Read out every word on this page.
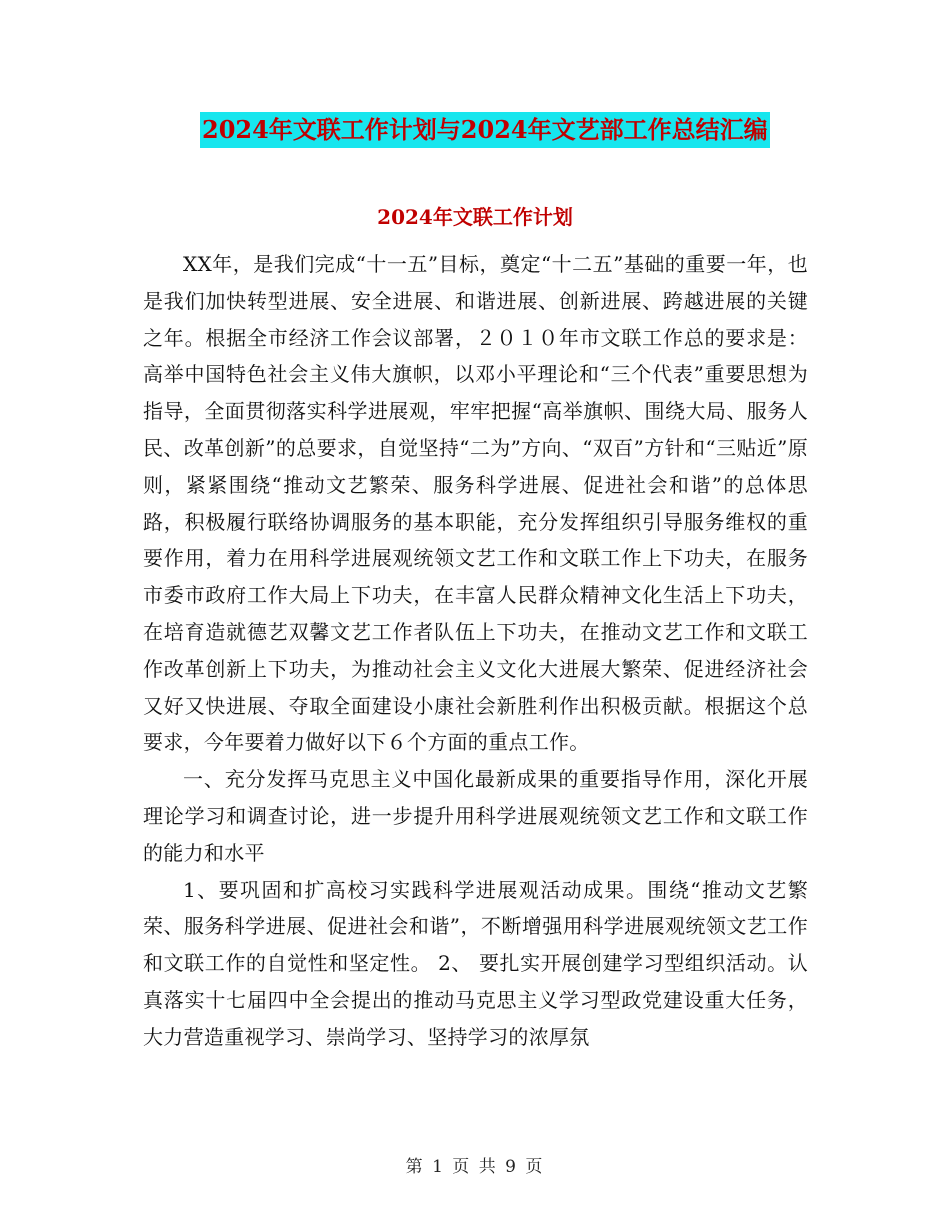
2024年文联工作计划与2024年文艺部工作总结汇编
2024年文联工作计划

XX年，是我们完成“十一五”目标，奠定“十二五”基础的重要一年，也是我们加快转型进展、安全进展、和谐进展、创新进展、跨越进展的关键之年。根据全市经济工作会议部署，２０１０年市文联工作总的要求是：高举中国特色社会主义伟大旗帜，以邓小平理论和“三个代表”重要思想为指导，全面贯彻落实科学进展观，牢牢把握“高举旗帜、围绕大局、服务人民、改革创新”的总要求，自觉坚持“二为”方向、“双百”方针和“三贴近”原则，紧紧围绕“推动文艺繁荣、服务科学进展、促进社会和谐”的总体思路，积极履行联络协调服务的基本职能，充分发挥组织引导服务维权的重要作用，着力在用科学进展观统领文艺工作和文联工作上下功夫，在服务市委市政府工作大局上下功夫，在丰富人民群众精神文化生活上下功夫，在培育造就德艺双馨文艺工作者队伍上下功夫，在推动文艺工作和文联工作改革创新上下功夫，为推动社会主义文化大进展大繁荣、促进经济社会又好又快进展、夺取全面建设小康社会新胜利作出积极贡献。根据这个总要求，今年要着力做好以下６个方面的重点工作。

一、充分发挥马克思主义中国化最新成果的重要指导作用，深化开展理论学习和调查讨论，进一步提升用科学进展观统领文艺工作和文联工作的能力和水平

1、要巩固和扩高校习实践科学进展观活动成果。围绕“推动文艺繁荣、服务科学进展、促进社会和谐”，不断增强用科学进展观统领文艺工作和文联工作的自觉性和坚定性。 2、 要扎实开展创建学习型组织活动。认真落实十七届四中全会提出的推动马克思主义学习型政党建设重大任务，大力营造重视学习、崇尚学习、坚持学习的浓厚氛

第 1 页 共 9 页
